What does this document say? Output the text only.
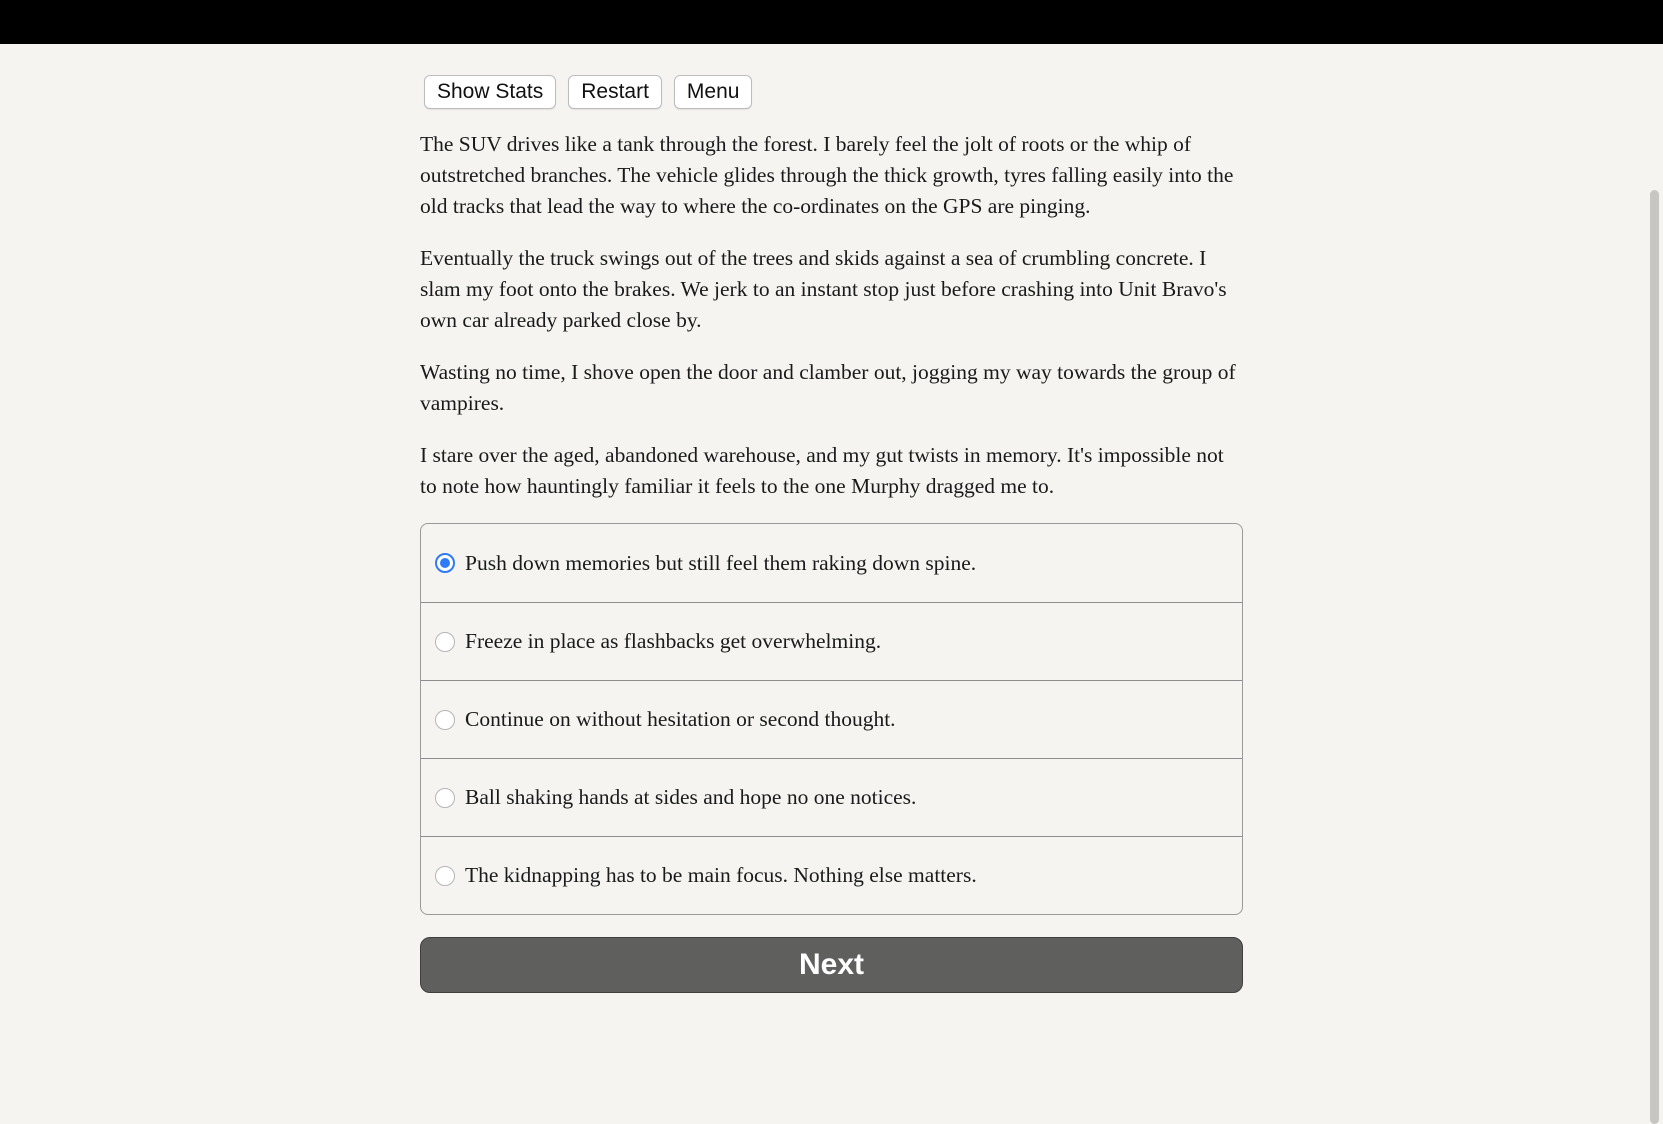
Show Stats	Restart	Menu

The SUV drives like a tank through the forest. I barely feel the jolt of roots or the whip of outstretched branches. The vehicle glides through the thick growth, tyres falling easily into the old tracks that lead the way to where the co-ordinates on the GPS are pinging.

Eventually the truck swings out of the trees and skids against a sea of crumbling concrete. I slam my foot onto the brakes. We jerk to an instant stop just before crashing into Unit Bravo's own car already parked close by.

Wasting no time, I shove open the door and clamber out, jogging my way towards the group of vampires.

I stare over the aged, abandoned warehouse, and my gut twists in memory. It's impossible not to note how hauntingly familiar it feels to the one Murphy dragged me to.

Push down memories but still feel them raking down spine.
Freeze in place as flashbacks get overwhelming.
Continue on without hesitation or second thought.
Ball shaking hands at sides and hope no one notices.
The kidnapping has to be main focus. Nothing else matters.
Next
